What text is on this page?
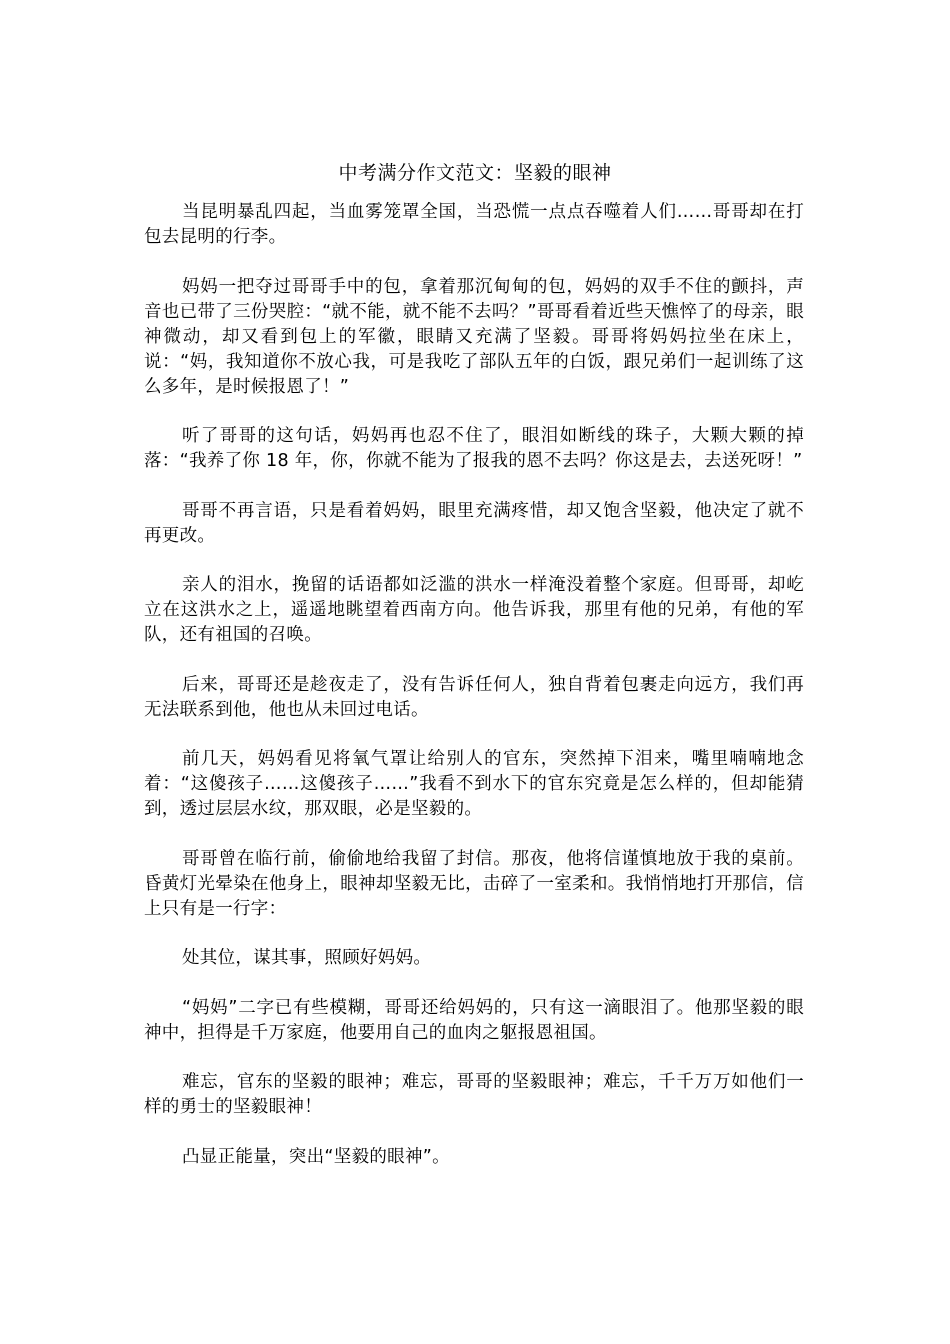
中考满分作文范文：坚毅的眼神

当昆明暴乱四起，当血雾笼罩全国，当恐慌一点点吞噬着人们……哥哥却在打包去昆明的行李。

妈妈一把夺过哥哥手中的包，拿着那沉甸甸的包，妈妈的双手不住的颤抖，声音也已带了三份哭腔：“就不能，就不能不去吗？”哥哥看着近些天憔悴了的母亲，眼神微动，却又看到包上的军徽，眼睛又充满了坚毅。哥哥将妈妈拉坐在床上，说：“妈，我知道你不放心我，可是我吃了部队五年的白饭，跟兄弟们一起训练了这么多年，是时候报恩了！”

听了哥哥的这句话，妈妈再也忍不住了，眼泪如断线的珠子，大颗大颗的掉落：“我养了你 18 年，你，你就不能为了报我的恩不去吗？你这是去，去送死呀！”

哥哥不再言语，只是看着妈妈，眼里充满疼惜，却又饱含坚毅，他决定了就不再更改。

亲人的泪水，挽留的话语都如泛滥的洪水一样淹没着整个家庭。但哥哥，却屹立在这洪水之上，遥遥地眺望着西南方向。他告诉我，那里有他的兄弟，有他的军队，还有祖国的召唤。

后来，哥哥还是趁夜走了，没有告诉任何人，独自背着包裹走向远方，我们再无法联系到他，他也从未回过电话。

前几天，妈妈看见将氧气罩让给别人的官东，突然掉下泪来，嘴里喃喃地念着：“这傻孩子……这傻孩子……”我看不到水下的官东究竟是怎么样的，但却能猜到，透过层层水纹，那双眼，必是坚毅的。

哥哥曾在临行前，偷偷地给我留了封信。那夜，他将信谨慎地放于我的桌前。昏黄灯光晕染在他身上，眼神却坚毅无比，击碎了一室柔和。我悄悄地打开那信，信上只有是一行字：

处其位，谋其事，照顾好妈妈。

“妈妈”二字已有些模糊，哥哥还给妈妈的，只有这一滴眼泪了。他那坚毅的眼神中，担得是千万家庭，他要用自己的血肉之躯报恩祖国。

难忘，官东的坚毅的眼神；难忘，哥哥的坚毅眼神；难忘，千千万万如他们一样的勇士的坚毅眼神！

凸显正能量，突出“坚毅的眼神”。
